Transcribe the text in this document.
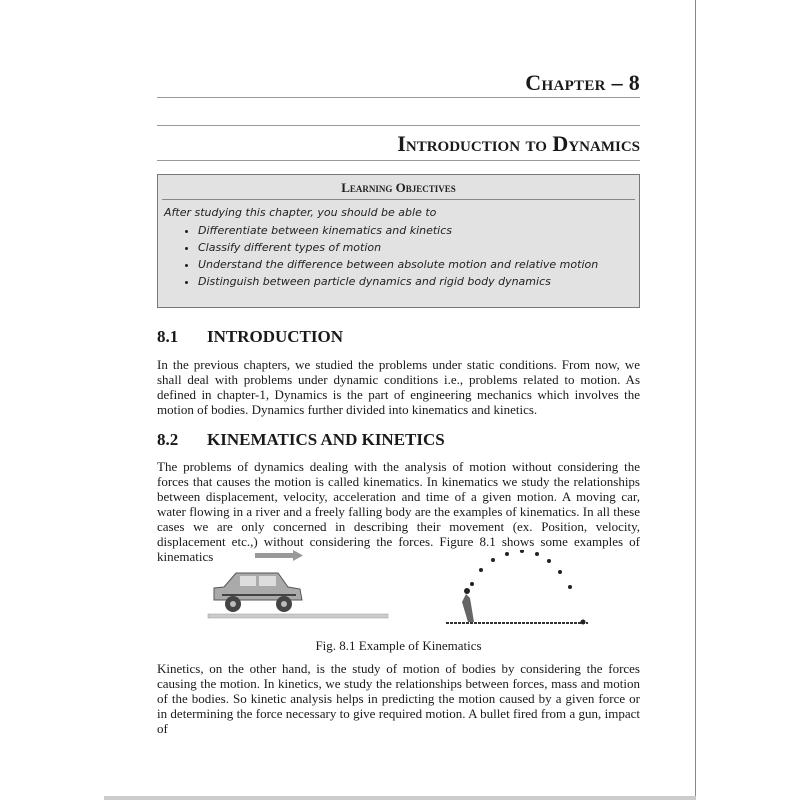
Chapter – 8
Introduction to Dynamics
Learning Objectives
After studying this chapter, you should be able to
• Differentiate between kinematics and kinetics
• Classify different types of motion
• Understand the difference between absolute motion and relative motion
• Distinguish between particle dynamics and rigid body dynamics
8.1 INTRODUCTION
In the previous chapters, we studied the problems under static conditions. From now, we shall deal with problems under dynamic conditions i.e., problems related to motion. As defined in chapter-1, Dynamics is the part of engineering mechanics which involves the motion of bodies. Dynamics further divided into kinematics and kinetics.
8.2 KINEMATICS AND KINETICS
The problems of dynamics dealing with the analysis of motion without considering the forces that causes the motion is called kinematics. In kinematics we study the relationships between displacement, velocity, acceleration and time of a given motion. A moving car, water flowing in a river and a freely falling body are the examples of kinematics. In all these cases we are only concerned in describing their movement (ex. Position, velocity, displacement etc.,) without considering the forces. Figure 8.1 shows some examples of kinematics
Fig. 8.1 Example of Kinematics
Kinetics, on the other hand, is the study of motion of bodies by considering the forces causing the motion. In kinetics, we study the relationships between forces, mass and motion of the bodies. So kinetic analysis helps in predicting the motion caused by a given force or in determining the force necessary to give required motion. A bullet fired from a gun, impact of
